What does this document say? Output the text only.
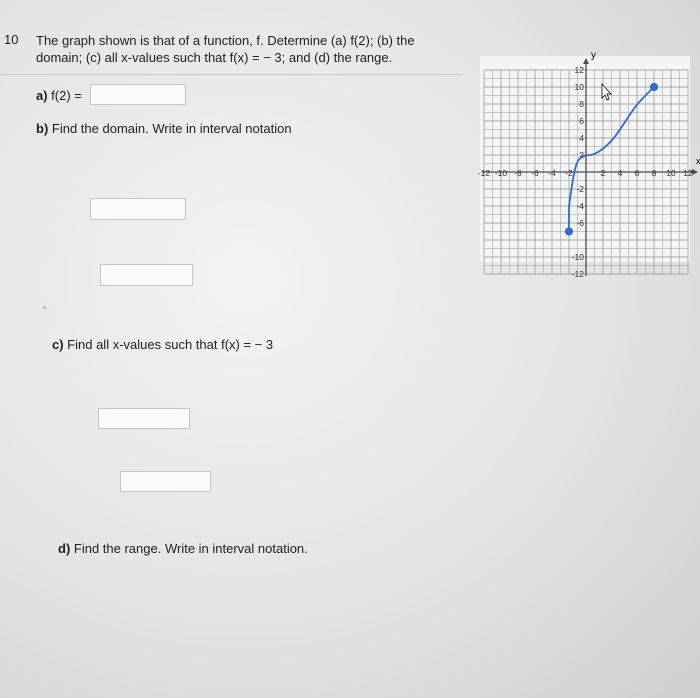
10 The graph shown is that of a function, f. Determine (a) f(2); (b) the domain; (c) all x-values such that f(x) = − 3; and (d) the range.
a) f(2) =
b) Find the domain. Write in interval notation
c) Find all x-values such that f(x) = − 3
d) Find the range. Write in interval notation.
-12 -10 -8 -6 -4 -2	2 4 6 8 10 12
12
10
8
6
4
2
-2
-4
-6
-10
-12
x
y
